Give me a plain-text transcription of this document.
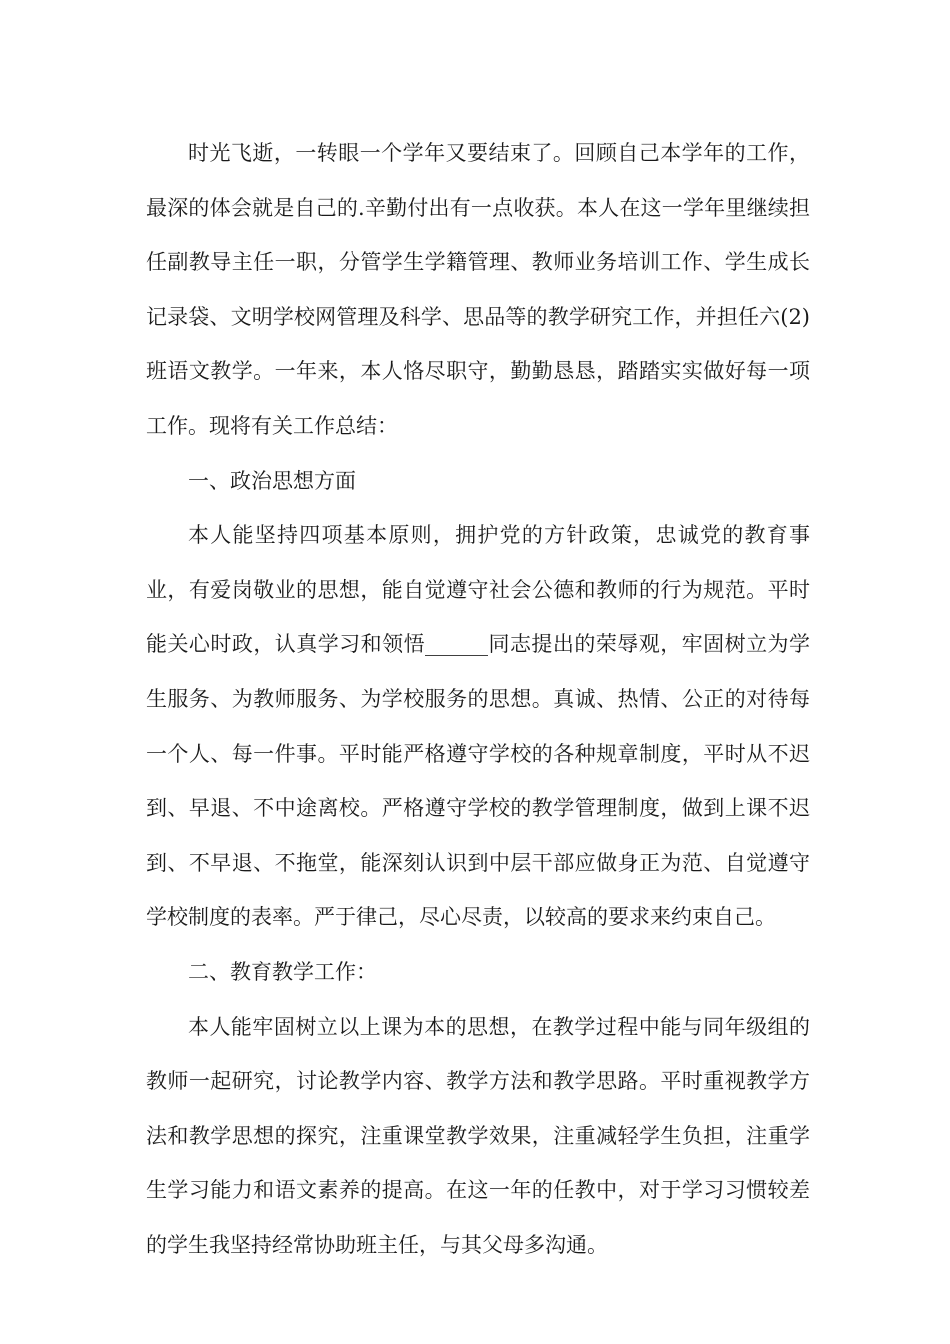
时光飞逝，一转眼一个学年又要结束了。回顾自己本学年的工作，最深的体会就是自己的.辛勤付出有一点收获。本人在这一学年里继续担任副教导主任一职，分管学生学籍管理、教师业务培训工作、学生成长记录袋、文明学校网管理及科学、思品等的教学研究工作，并担任六(2)班语文教学。一年来，本人恪尽职守，勤勤恳恳，踏踏实实做好每一项工作。现将有关工作总结：

一、政治思想方面

本人能坚持四项基本原则，拥护党的方针政策，忠诚党的教育事业，有爱岗敬业的思想，能自觉遵守社会公德和教师的行为规范。平时能关心时政，认真学习和领悟______同志提出的荣辱观，牢固树立为学生服务、为教师服务、为学校服务的思想。真诚、热情、公正的对待每一个人、每一件事。平时能严格遵守学校的各种规章制度，平时从不迟到、早退、不中途离校。严格遵守学校的教学管理制度，做到上课不迟到、不早退、不拖堂，能深刻认识到中层干部应做身正为范、自觉遵守学校制度的表率。严于律己，尽心尽责，以较高的要求来约束自己。

二、教育教学工作：

本人能牢固树立以上课为本的思想，在教学过程中能与同年级组的教师一起研究，讨论教学内容、教学方法和教学思路。平时重视教学方法和教学思想的探究，注重课堂教学效果，注重减轻学生负担，注重学生学习能力和语文素养的提高。在这一年的任教中，对于学习习惯较差的学生我坚持经常协助班主任，与其父母多沟通。
